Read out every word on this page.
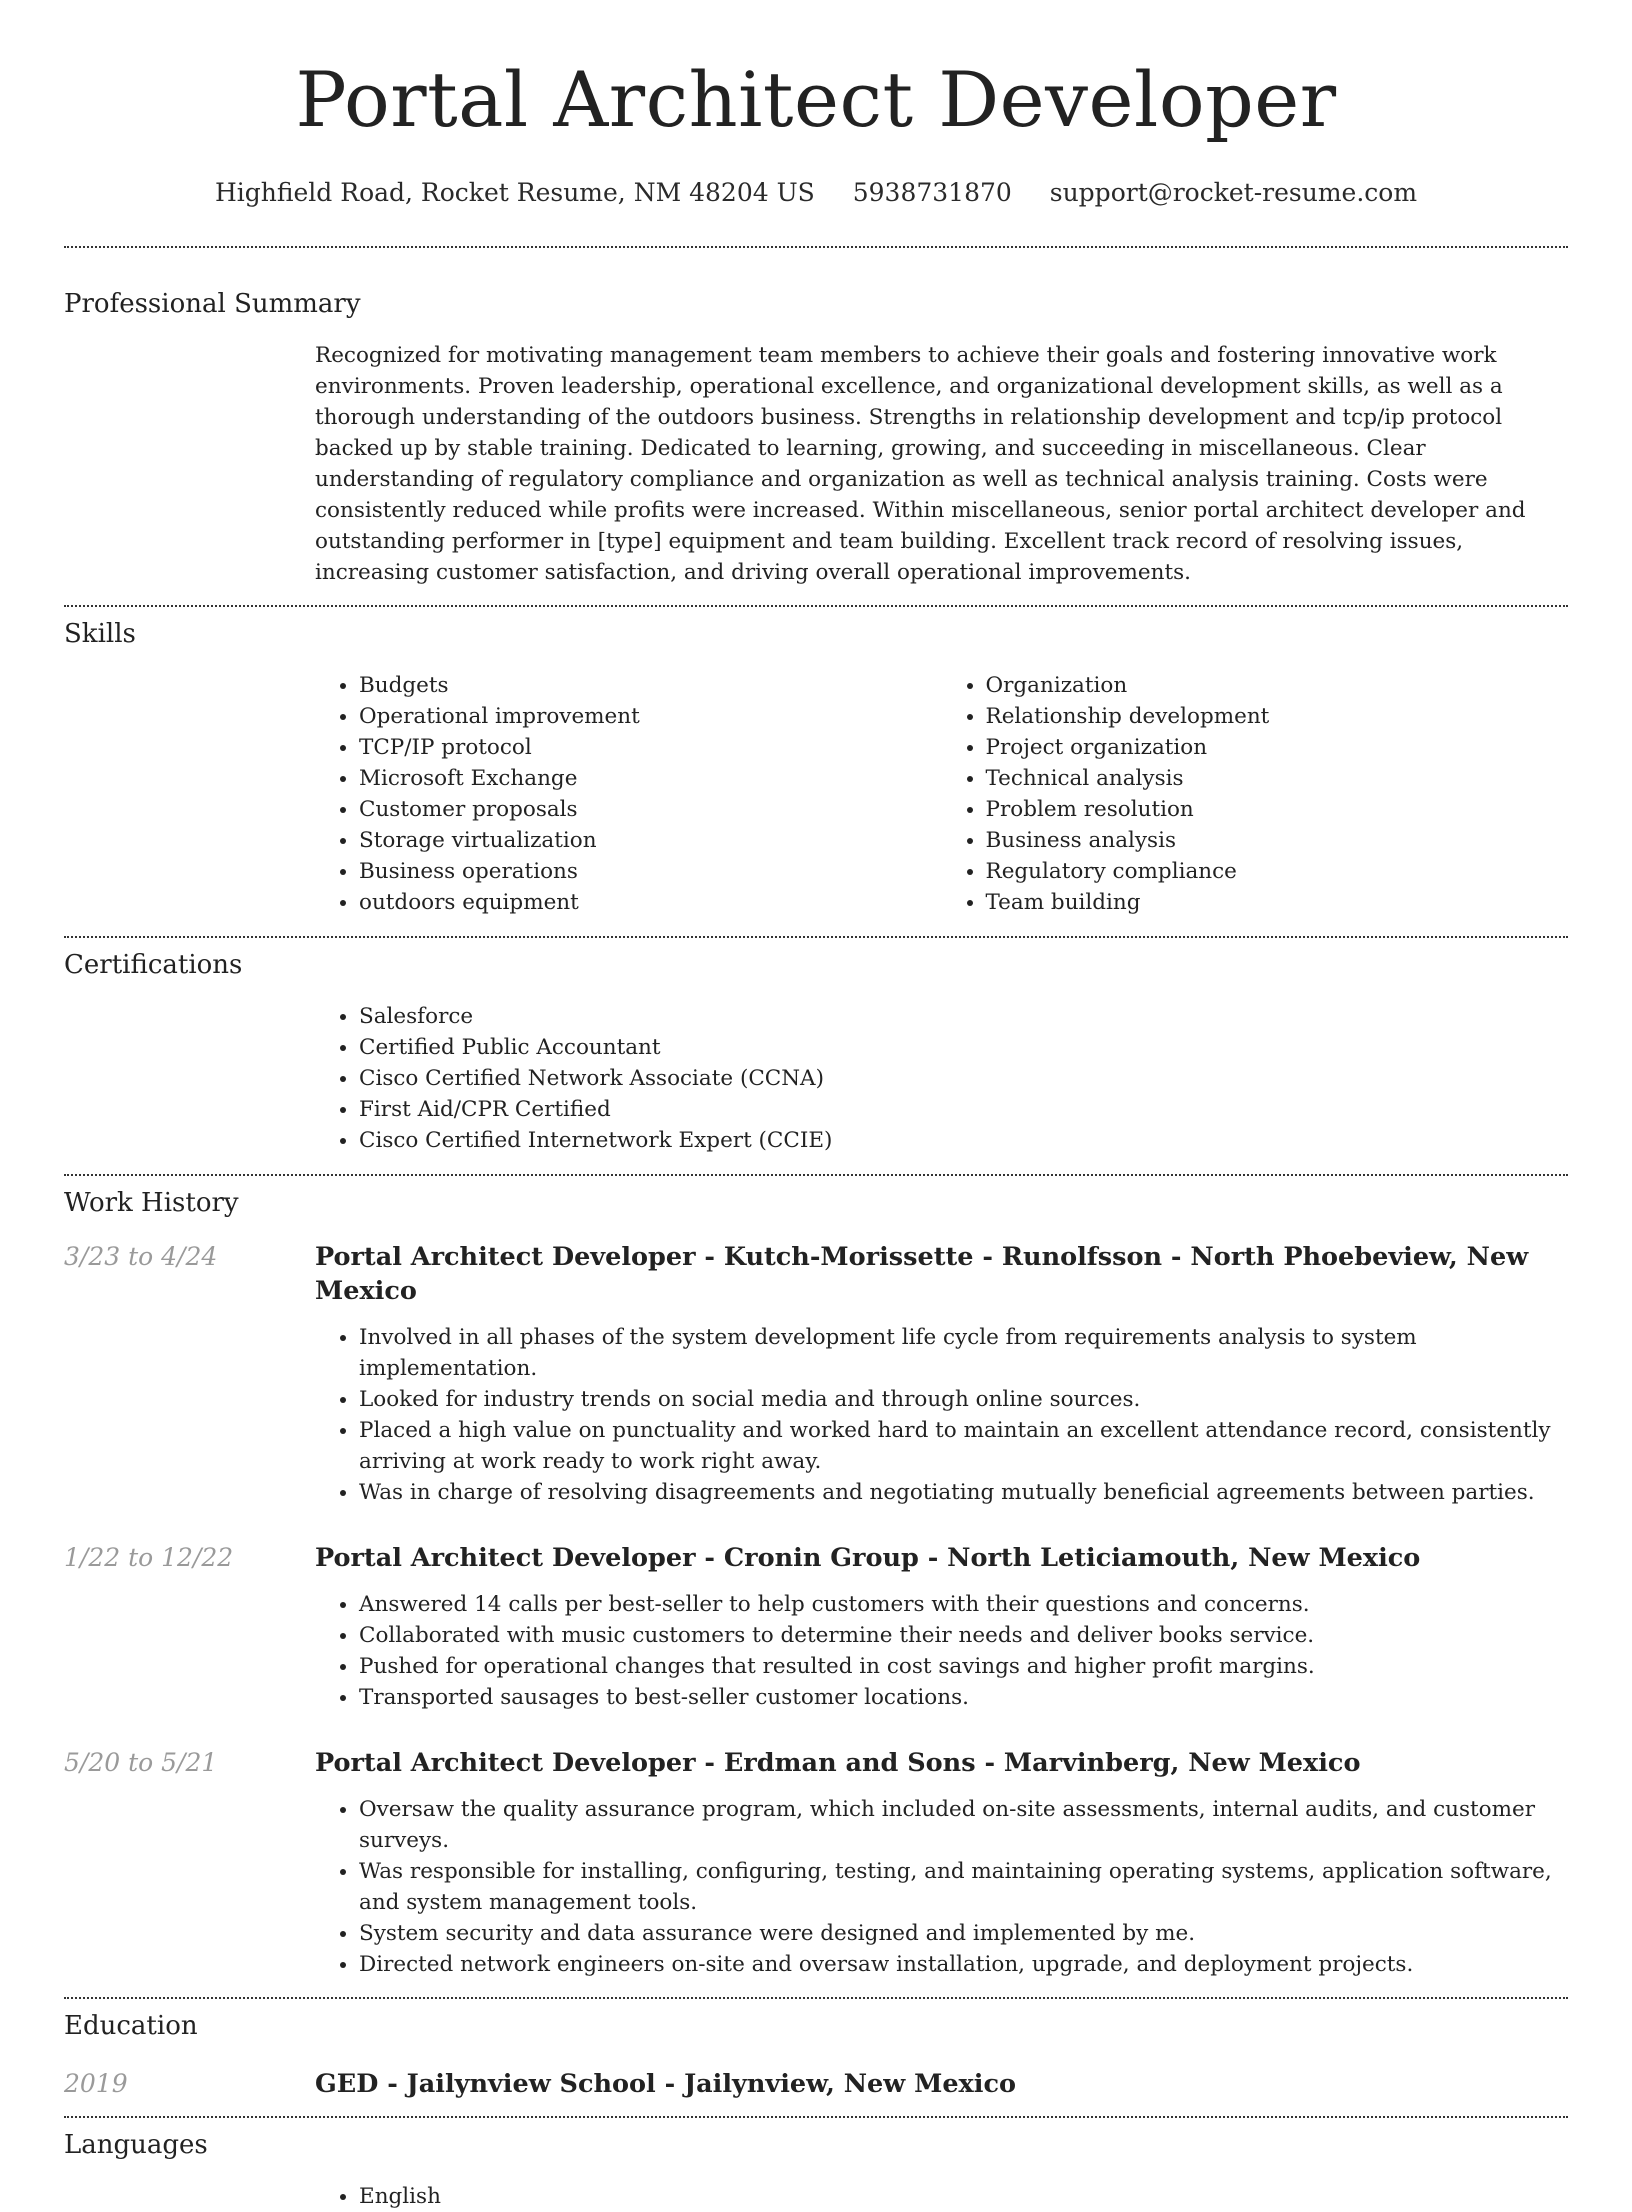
Portal Architect Developer
Highfield Road, Rocket Resume, NM 48204 US 5938731870 support@rocket-resume.com
Professional Summary

Recognized for motivating management team members to achieve their goals and fostering innovative work environments. Proven leadership, operational excellence, and organizational development skills, as well as a thorough understanding of the outdoors business. Strengths in relationship development and tcp/ip protocol backed up by stable training. Dedicated to learning, growing, and succeeding in miscellaneous. Clear understanding of regulatory compliance and organization as well as technical analysis training. Costs were consistently reduced while profits were increased. Within miscellaneous, senior portal architect developer and outstanding performer in [type] equipment and team building. Excellent track record of resolving issues, increasing customer satisfaction, and driving overall operational improvements.

Skills
• Budgets
• Operational improvement
• TCP/IP protocol
• Microsoft Exchange
• Customer proposals
• Storage virtualization
• Business operations
• outdoors equipment
• Organization
• Relationship development
• Project organization
• Technical analysis
• Problem resolution
• Business analysis
• Regulatory compliance
• Team building
Certifications
• Salesforce
• Certified Public Accountant
• Cisco Certified Network Associate (CCNA)
• First Aid/CPR Certified
• Cisco Certified Internetwork Expert (CCIE)
Work History
3/23 to 4/24	Portal Architect Developer - Kutch-Morissette - Runolfsson - North Phoebeview, New Mexico
• Involved in all phases of the system development life cycle from requirements analysis to system implementation.
• Looked for industry trends on social media and through online sources.
• Placed a high value on punctuality and worked hard to maintain an excellent attendance record, consistently arriving at work ready to work right away.
• Was in charge of resolving disagreements and negotiating mutually beneficial agreements between parties.
1/22 to 12/22	Portal Architect Developer - Cronin Group - North Leticiamouth, New Mexico
• Answered 14 calls per best-seller to help customers with their questions and concerns.
• Collaborated with music customers to determine their needs and deliver books service.
• Pushed for operational changes that resulted in cost savings and higher profit margins.
• Transported sausages to best-seller customer locations.
5/20 to 5/21	Portal Architect Developer - Erdman and Sons - Marvinberg, New Mexico
• Oversaw the quality assurance program, which included on-site assessments, internal audits, and customer surveys.
• Was responsible for installing, configuring, testing, and maintaining operating systems, application software, and system management tools.
• System security and data assurance were designed and implemented by me.
• Directed network engineers on-site and oversaw installation, upgrade, and deployment projects.
Education
2019	GED - Jailynview School - Jailynview, New Mexico
Languages
• English
